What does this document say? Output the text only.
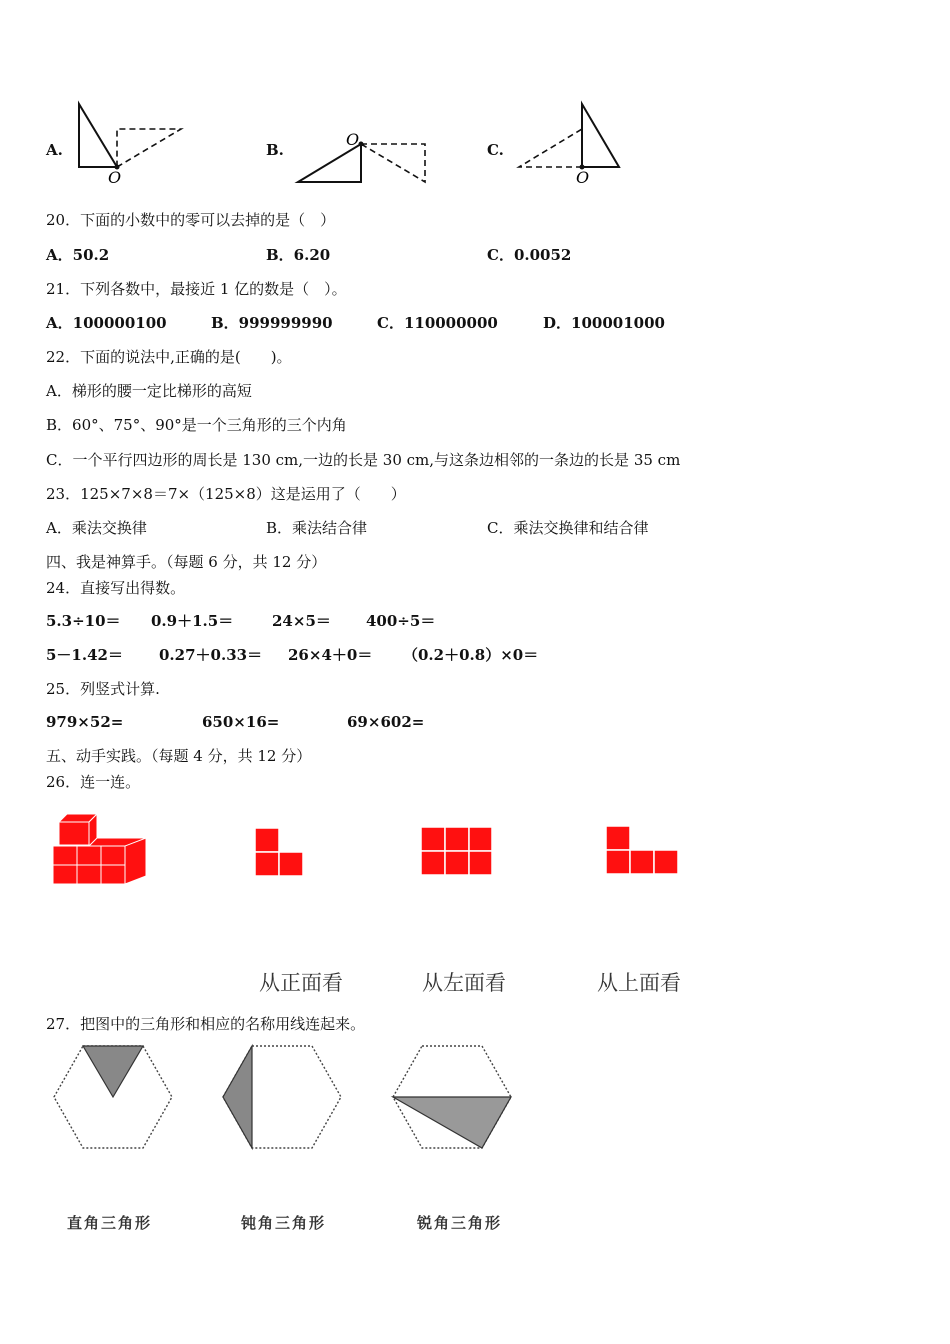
A.
O
B.
O
C.
O
20．下面的小数中的零可以去掉的是（　）
A．50.2	B．6.20	C．0.0052
21．下列各数中，最接近 1 亿的数是（　）。
A．100000100	B．999999990	C．110000000	D．100001000
22．下面的说法中,正确的是(　　)。
A．梯形的腰一定比梯形的高短
B．60°、75°、90°是一个三角形的三个内角
C．一个平行四边形的周长是 130 cm,一边的长是 30 cm,与这条边相邻的一条边的长是 35 cm
23．125×7×8＝7×（125×8）这是运用了（　　）
A．乘法交换律	B．乘法结合律	C．乘法交换律和结合律
四、我是神算手。（每题 6 分，共 12 分）
24．直接写出得数。
5.3÷10＝ 0.9＋1.5＝	24×5＝ 400÷5＝
5－1.42＝ 0.27＋0.33＝ 26×4＋0＝ （0.2＋0.8）×0＝
25．列竖式计算.
979×52=	650×16=	69×602=
五、动手实践。（每题 4 分，共 12 分）
26．连一连。
从正面看	从左面看	从上面看
27．把图中的三角形和相应的名称用线连起来。
直角三角形	钝角三角形	锐角三角形
